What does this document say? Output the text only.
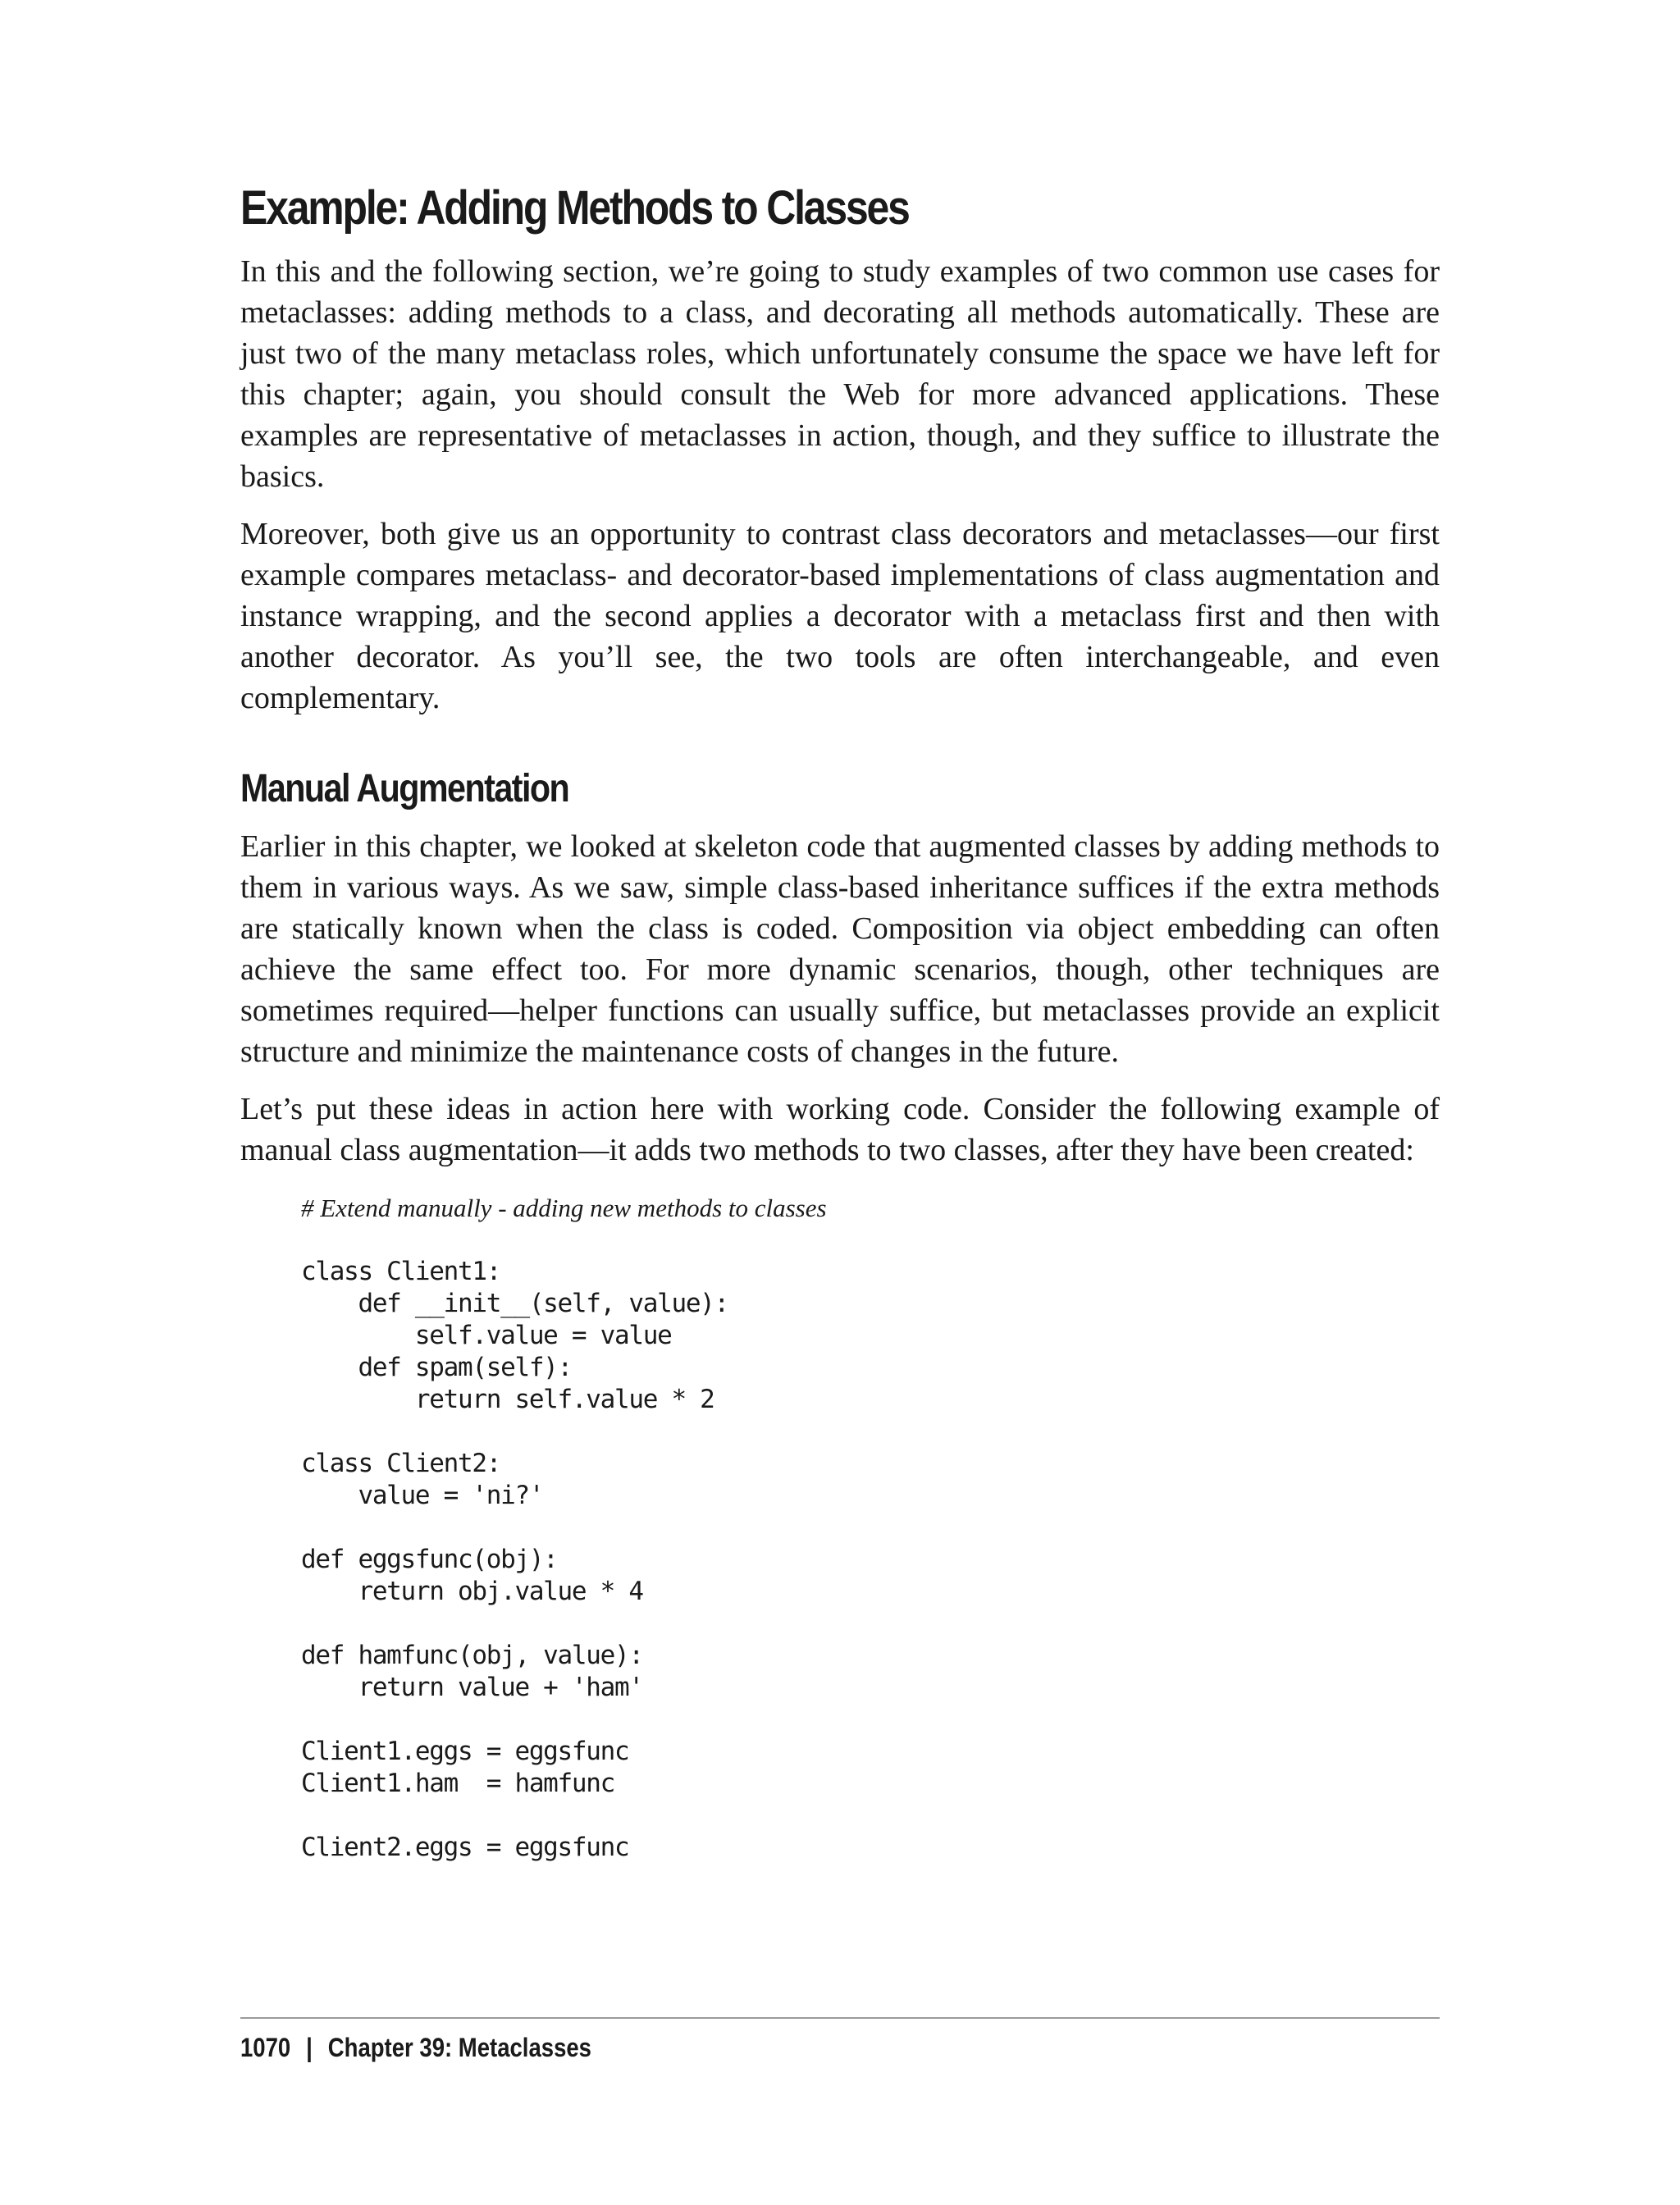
Example: Adding Methods to Classes

In this and the following section, we’re going to study examples of two common use cases for metaclasses: adding methods to a class, and decorating all methods automatically. These are just two of the many metaclass roles, which unfortunately consume the space we have left for this chapter; again, you should consult the Web for more advanced applications. These examples are representative of metaclasses in action, though, and they suffice to illustrate the basics.

Moreover, both give us an opportunity to contrast class decorators and metaclasses—our first example compares metaclass- and decorator-based implementations of class augmentation and instance wrapping, and the second applies a decorator with a metaclass first and then with another decorator. As you’ll see, the two tools are often interchangeable, and even complementary.

Manual Augmentation

Earlier in this chapter, we looked at skeleton code that augmented classes by adding methods to them in various ways. As we saw, simple class-based inheritance suffices if the extra methods are statically known when the class is coded. Composition via object embedding can often achieve the same effect too. For more dynamic scenarios, though, other techniques are sometimes required—helper functions can usually suffice, but metaclasses provide an explicit structure and minimize the maintenance costs of changes in the future.

Let’s put these ideas in action here with working code. Consider the following example of manual class augmentation—it adds two methods to two classes, after they have been created:

# Extend manually - adding new methods to classes
class Client1:
def __init__(self, value):
self.value = value
def spam(self):
return self.value * 2
class Client2:
value = 'ni?'
def eggsfunc(obj):
return obj.value * 4
def hamfunc(obj, value):
return value + 'ham'
Client1.eggs = eggsfunc
Client1.ham  = hamfunc
Client2.eggs = eggsfunc
1070 | Chapter 39: Metaclasses
